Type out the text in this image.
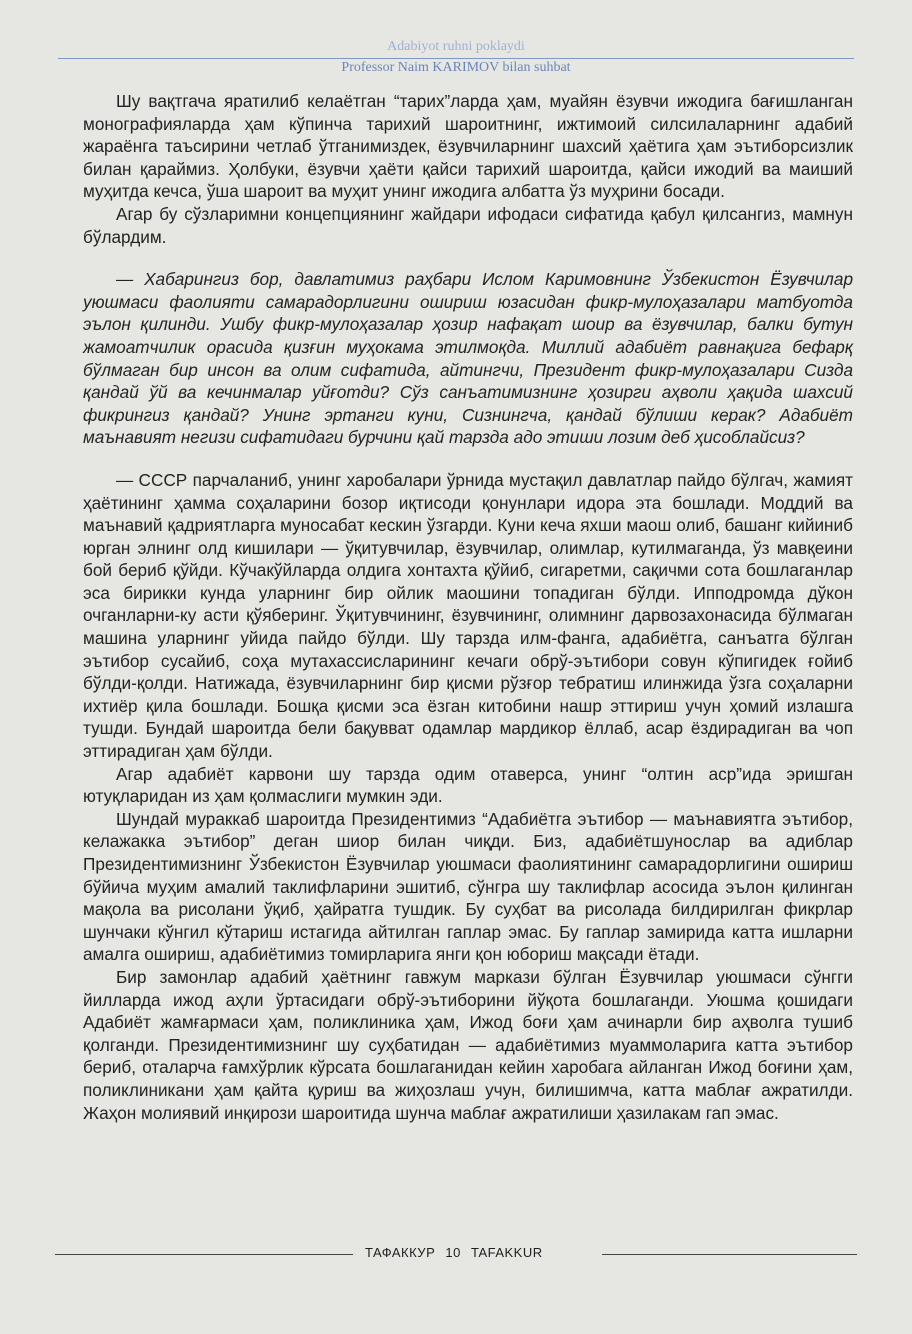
Adabiyot ruhni poklaydi
Professor Naim KARIMOV bilan suhbat

Шу вақтгача яратилиб келаётган “тарих”ларда ҳам, муайян ёзувчи ижодига бағишланган монографияларда ҳам кўпинча тарихий шароитнинг, ижтимоий силсилаларнинг адабий жараёнга таъсирини четлаб ўтганимиздек, ёзувчиларнинг шахсий ҳаётига ҳам эътиборсизлик билан қараймиз. Ҳолбуки, ёзувчи ҳаёти қайси тарихий шароитда, қайси ижодий ва маиший муҳитда кечса, ўша шароит ва муҳит унинг ижодига албатта ўз муҳрини босади.

Агар бу сўзларимни концепциянинг жайдари ифодаси сифатида қабул қилсангиз, мамнун бўлардим.

— Хабарингиз бор, давлатимиз раҳбари Ислом Каримовнинг Ўзбекистон Ёзувчилар уюшмаси фаолияти самарадорлигини ошириш юзасидан фикр-мулоҳазалари матбуотда эълон қилинди. Ушбу фикр-мулоҳазалар ҳозир нафақат шоир ва ёзувчилар, балки бутун жамоатчилик орасида қизғин муҳокама этилмоқда. Миллий адабиёт равнақига бефарқ бўлмаган бир инсон ва олим сифатида, айтингчи, Президент фикр-мулоҳазалари Сизда қандай ўй ва кечинмалар уйғотди? Сўз санъатимизнинг ҳозирги аҳволи ҳақида шахсий фикрингиз қандай? Унинг эртанги куни, Сизнингча, қандай бўлиши керак? Адабиёт маънавият негизи сифатидаги бурчини қай тарзда адо этиши лозим деб ҳисоблайсиз?

— СССР парчаланиб, унинг харобалари ўрнида мустақил давлатлар пайдо бўлгач, жамият ҳаётининг ҳамма соҳаларини бозор иқтисоди қонунлари идора эта бошлади. Моддий ва маънавий қадриятларга муносабат кескин ўзгарди. Куни кеча яхши маош олиб, башанг кийиниб юрган элнинг олд кишилари — ўқитувчилар, ёзувчилар, олимлар, кутилмаганда, ўз мавқеини бой бериб қўйди. Кўчакўйларда олдига хонтахта қўйиб, сигаретми, сақичми сота бошлаганлар эса бирикки кунда уларнинг бир ойлик маошини топадиган бўлди. Ипподромда дўкон очганларни-ку асти қўяберинг. Ўқитувчининг, ёзувчининг, олимнинг дарвозахонасида бўлмаган машина уларнинг уйида пайдо бўлди. Шу тарзда илм-фанга, адабиётга, санъатга бўлган эътибор сусайиб, соҳа мутахассисларининг кечаги обрў-эътибори совун кўпигидек ғойиб бўлди-қолди. Натижада, ёзувчиларнинг бир қисми рўзғор тебратиш илинжида ўзга соҳаларни ихтиёр қила бошлади. Бошқа қисми эса ёзган китобини нашр эттириш учун ҳомий излашга тушди. Бундай шароитда бели бақувват одамлар мардикор ёллаб, асар ёздирадиган ва чоп эттирадиган ҳам бўлди.

Агар адабиёт карвони шу тарзда одим отаверса, унинг “олтин аср”ида эришган ютуқларидан из ҳам қолмаслиги мумкин эди.

Шундай мураккаб шароитда Президентимиз “Адабиётга эътибор — маънавиятга эътибор, келажакка эътибор” деган шиор билан чиқди. Биз, адабиётшунослар ва адиблар Президентимизнинг Ўзбекистон Ёзувчилар уюшмаси фаолиятининг самарадорлигини ошириш бўйича муҳим амалий таклифларини эшитиб, сўнгра шу таклифлар асосида эълон қилинган мақола ва рисолани ўқиб, ҳайратга тушдик. Бу суҳбат ва рисолада билдирилган фикрлар шунчаки кўнгил кўтариш истагида айтилган гаплар эмас. Бу гаплар замирида катта ишларни амалга ошириш, адабиётимиз томирларига янги қон юбориш мақсади ётади.

Бир замонлар адабий ҳаётнинг гавжум маркази бўлган Ёзувчилар уюшмаси сўнгги йилларда ижод аҳли ўртасидаги обрў-эътиборини йўқота бошлаганди. Уюшма қошидаги Адабиёт жамғармаси ҳам, поликлиника ҳам, Ижод боғи ҳам ачинарли бир аҳволга тушиб қолганди. Президентимизнинг шу суҳбатидан — адабиётимиз муаммоларига катта эътибор бериб, оталарча ғамхўрлик кўрсата бошлаганидан кейин харобага айланган Ижод боғини ҳам, поликлиникани ҳам қайта қуриш ва жиҳозлаш учун, билишимча, катта маблағ ажратилди. Жаҳон молиявий инқирози шароитида шунча маблағ ажратилиши ҳазилакам гап эмас.

ТАФАККУР 10 TAFAKKUR
